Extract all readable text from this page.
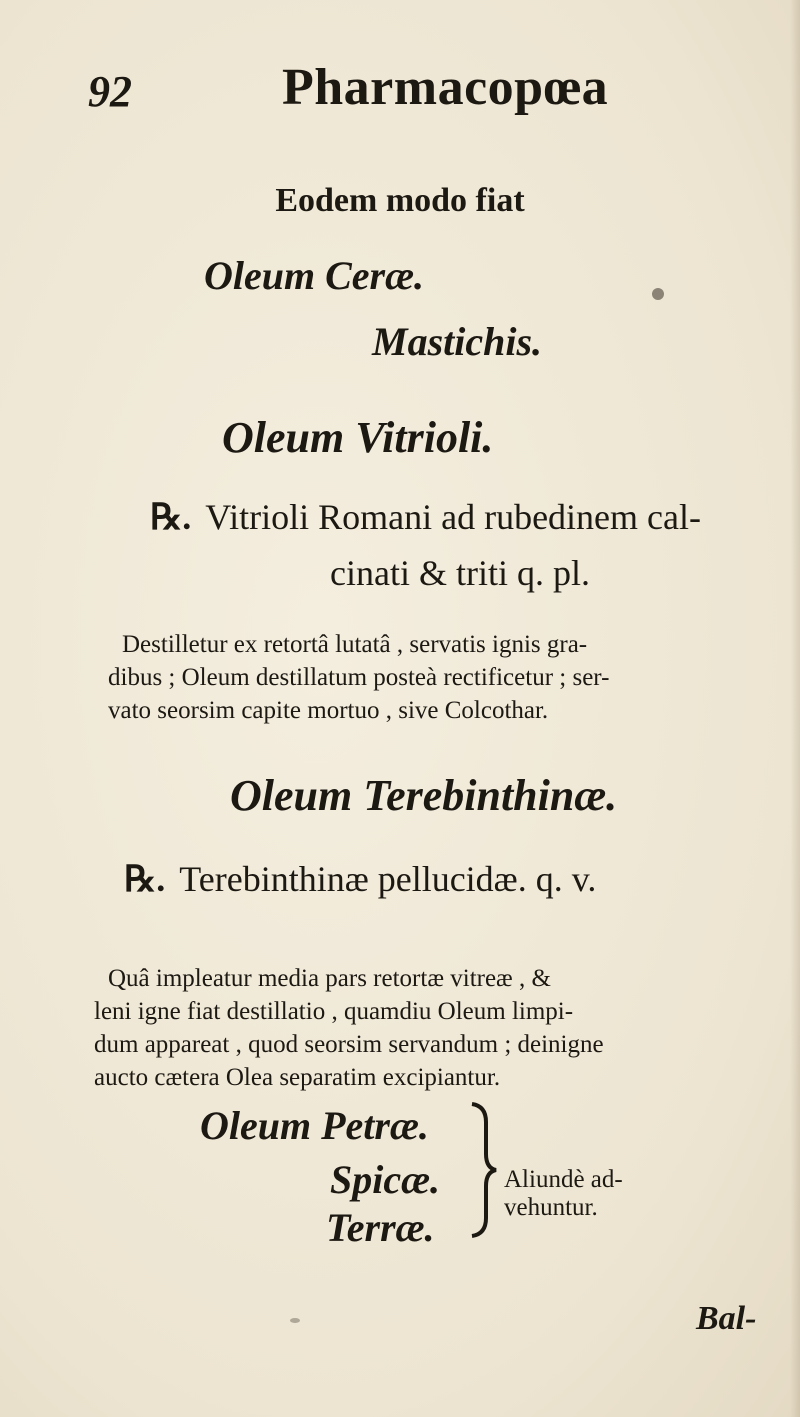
92	Pharmacopœa
Eodem modo fiat
Oleum Ceræ.
Mastichis.
Oleum Vitrioli.
℞. Vitrioli Romani ad rubedinem cal-
cinati & triti q. pl.
Destilletur ex retortâ lutatâ , servatis ignis gra-
dibus ; Oleum destillatum posteà rectificetur ; ser-
vato seorsim capite mortuo , sive Colcothar.
Oleum Terebinthinæ.
℞. Terebinthinæ pellucidæ. q. v.
Quâ impleatur media pars retortæ vitreæ , &
leni igne fiat destillatio , quamdiu Oleum limpi-
dum appareat , quod seorsim servandum ; deinigne
aucto cætera Olea separatim excipiantur.
Oleum Petræ.
Spicæ.
Terræ.
Aliundè ad-
vehuntur.
Bal-
